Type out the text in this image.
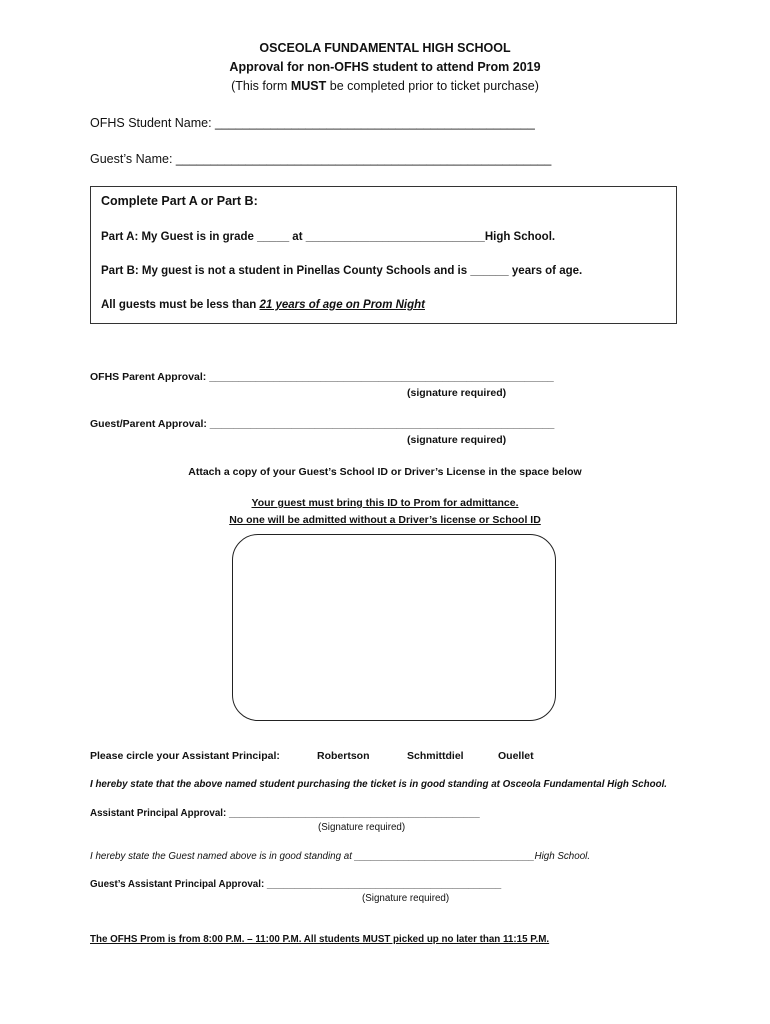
OSCEOLA FUNDAMENTAL HIGH SCHOOL
Approval for non-OFHS student to attend Prom 2019
(This form MUST be completed prior to ticket purchase)
OFHS Student Name: ______________________________________________
Guest’s Name: ______________________________________________________
Complete Part A or Part B:
Part A: My Guest is in grade _____ at ____________________________High School.
Part B: My guest is not a student in Pinellas County Schools and is ______ years of age.
All guests must be less than 21 years of age on Prom Night
OFHS Parent Approval: ___________________________________________________________
(signature required)
Guest/Parent Approval: ___________________________________________________________
(signature required)
Attach a copy of your Guest’s School ID or Driver’s License in the space below
Your guest must bring this ID to Prom for admittance.
No one will be admitted without a Driver’s license or School ID
Please circle your Assistant Principal:	Robertson	Schmittdiel	Ouellet
I hereby state that the above named student purchasing the ticket is in good standing at Osceola Fundamental High School.
Assistant Principal Approval: ______________________________________________
(Signature required)
I hereby state the Guest named above is in good standing at _________________________________High School.
Guest’s Assistant Principal Approval: ___________________________________________
(Signature required)
The OFHS Prom is from 8:00 P.M. – 11:00 P.M. All students MUST picked up no later than 11:15 P.M.
